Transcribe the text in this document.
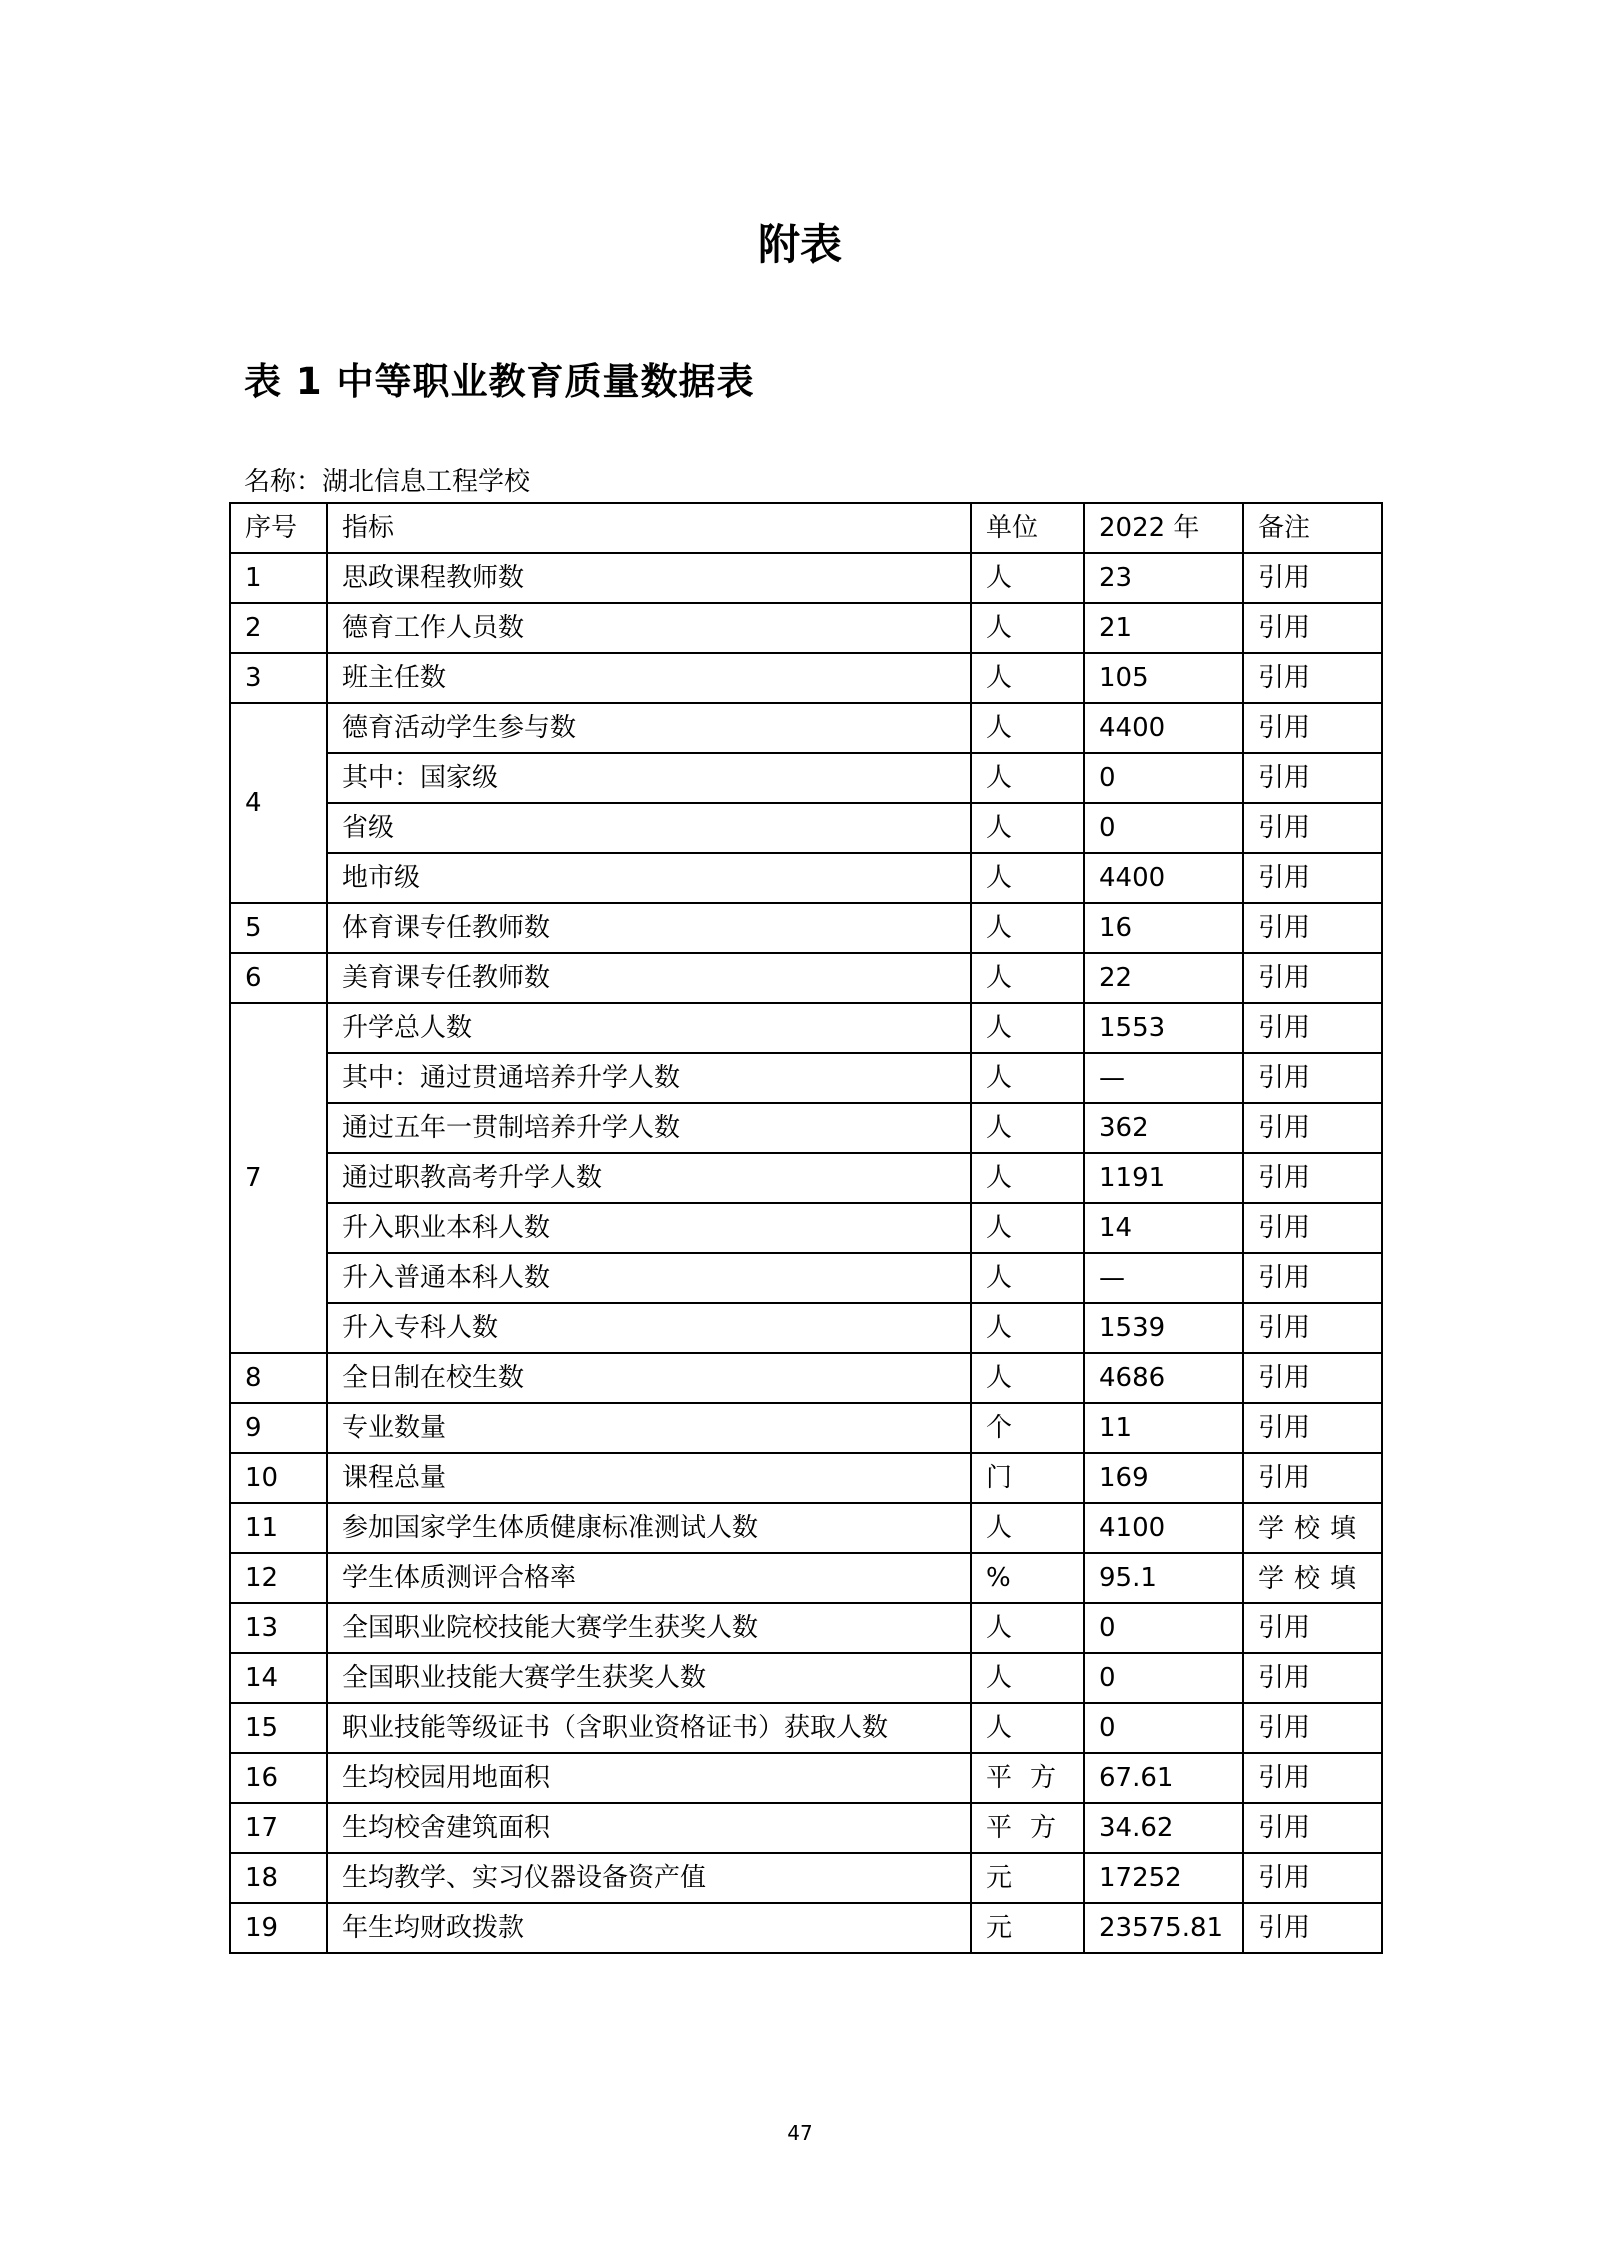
附表
表 1 中等职业教育质量数据表
名称：湖北信息工程学校
序号	指标	单位	2022 年	备注
1	思政课程教师数	人	23	引用
2	德育工作人员数	人	21	引用
3	班主任数	人	105	引用
4	德育活动学生参与数	人	4400	引用
	其中：国家级	人	0	引用
	省级	人	0	引用
	地市级	人	4400	引用
5	体育课专任教师数	人	16	引用
6	美育课专任教师数	人	22	引用
7	升学总人数	人	1553	引用
	其中：通过贯通培养升学人数	人	—	引用
	通过五年一贯制培养升学人数	人	362	引用
	通过职教高考升学人数	人	1191	引用
	升入职业本科人数	人	14	引用
	升入普通本科人数	人	—	引用
	升入专科人数	人	1539	引用
8	全日制在校生数	人	4686	引用
9	专业数量	个	11	引用
10	课程总量	门	169	引用
11	参加国家学生体质健康标准测试人数	人	4100	学校填
12	学生体质测评合格率	%	95.1	学校填
13	全国职业院校技能大赛学生获奖人数	人	0	引用
14	全国职业技能大赛学生获奖人数	人	0	引用
15	职业技能等级证书（含职业资格证书）获取人数	人	0	引用
16	生均校园用地面积	平方	67.61	引用
17	生均校舍建筑面积	平方	34.62	引用
18	生均教学、实习仪器设备资产值	元	17252	引用
19	年生均财政拨款	元	23575.81	引用
47
